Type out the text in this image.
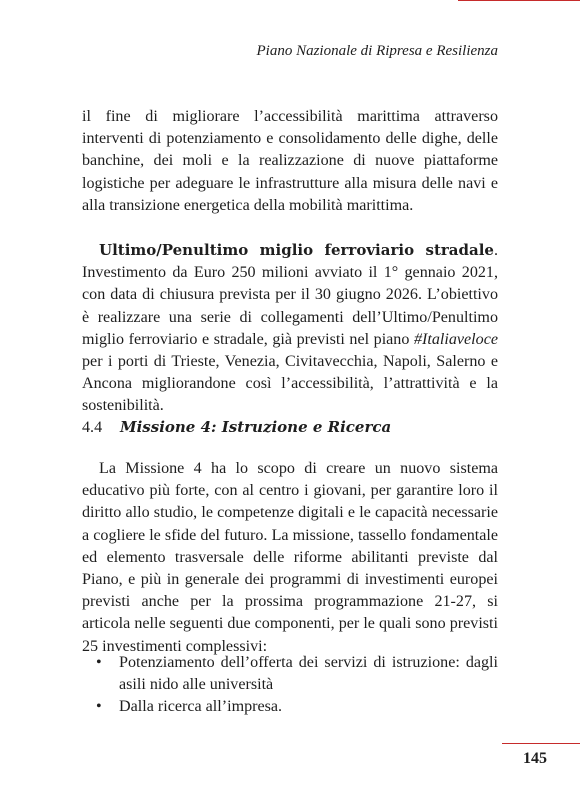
Piano Nazionale di Ripresa e Resilienza

il fine di migliorare l’accessibilità marittima attraverso interventi di potenziamento e consolidamento delle dighe, delle banchine, dei moli e la realizzazione di nuove piattaforme logistiche per adeguare le infrastrutture alla misura delle navi e alla transizione energetica della mobilità marittima.

Ultimo/Penultimo miglio ferroviario stradale. Investimento da Euro 250 milioni avviato il 1° gennaio 2021, con data di chiusura prevista per il 30 giugno 2026. L’obiettivo è realizzare una serie di collegamenti dell’Ultimo/Penultimo miglio ferroviario e stradale, già previsti nel piano #Italiaveloce per i porti di Trieste, Venezia, Civitavecchia, Napoli, Salerno e Ancona migliorandone così l’accessibilità, l’attrattività e la sostenibilità.

4.4 Missione 4: Istruzione e Ricerca

La Missione 4 ha lo scopo di creare un nuovo sistema educativo più forte, con al centro i giovani, per garantire loro il diritto allo studio, le competenze digitali e le capacità necessarie a cogliere le sfide del futuro. La missione, tassello fondamentale ed elemento trasversale delle riforme abilitanti previste dal Piano, e più in generale dei programmi di investimenti europei previsti anche per la prossima programmazione 21-27, si articola nelle seguenti due componenti, per le quali sono previsti 25 investimenti complessivi:

• Potenziamento dell’offerta dei servizi di istruzione: dagli asili nido alle università
• Dalla ricerca all’impresa.
145
